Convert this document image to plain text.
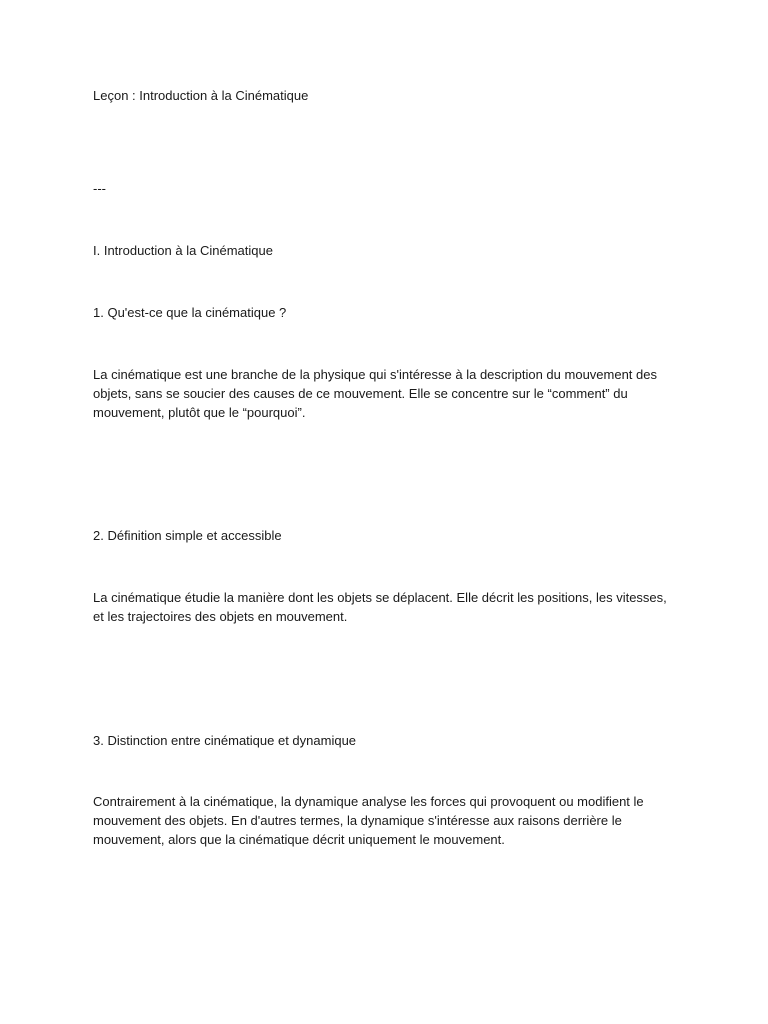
Leçon : Introduction à la Cinématique

---

I. Introduction à la Cinématique

1. Qu'est-ce que la cinématique ?

La cinématique est une branche de la physique qui s'intéresse à la description du mouvement des objets, sans se soucier des causes de ce mouvement. Elle se concentre sur le “comment” du mouvement, plutôt que le “pourquoi”.

2. Définition simple et accessible

La cinématique étudie la manière dont les objets se déplacent. Elle décrit les positions, les vitesses, et les trajectoires des objets en mouvement.

3. Distinction entre cinématique et dynamique

Contrairement à la cinématique, la dynamique analyse les forces qui provoquent ou modifient le mouvement des objets. En d'autres termes, la dynamique s'intéresse aux raisons derrière le mouvement, alors que la cinématique décrit uniquement le mouvement.
